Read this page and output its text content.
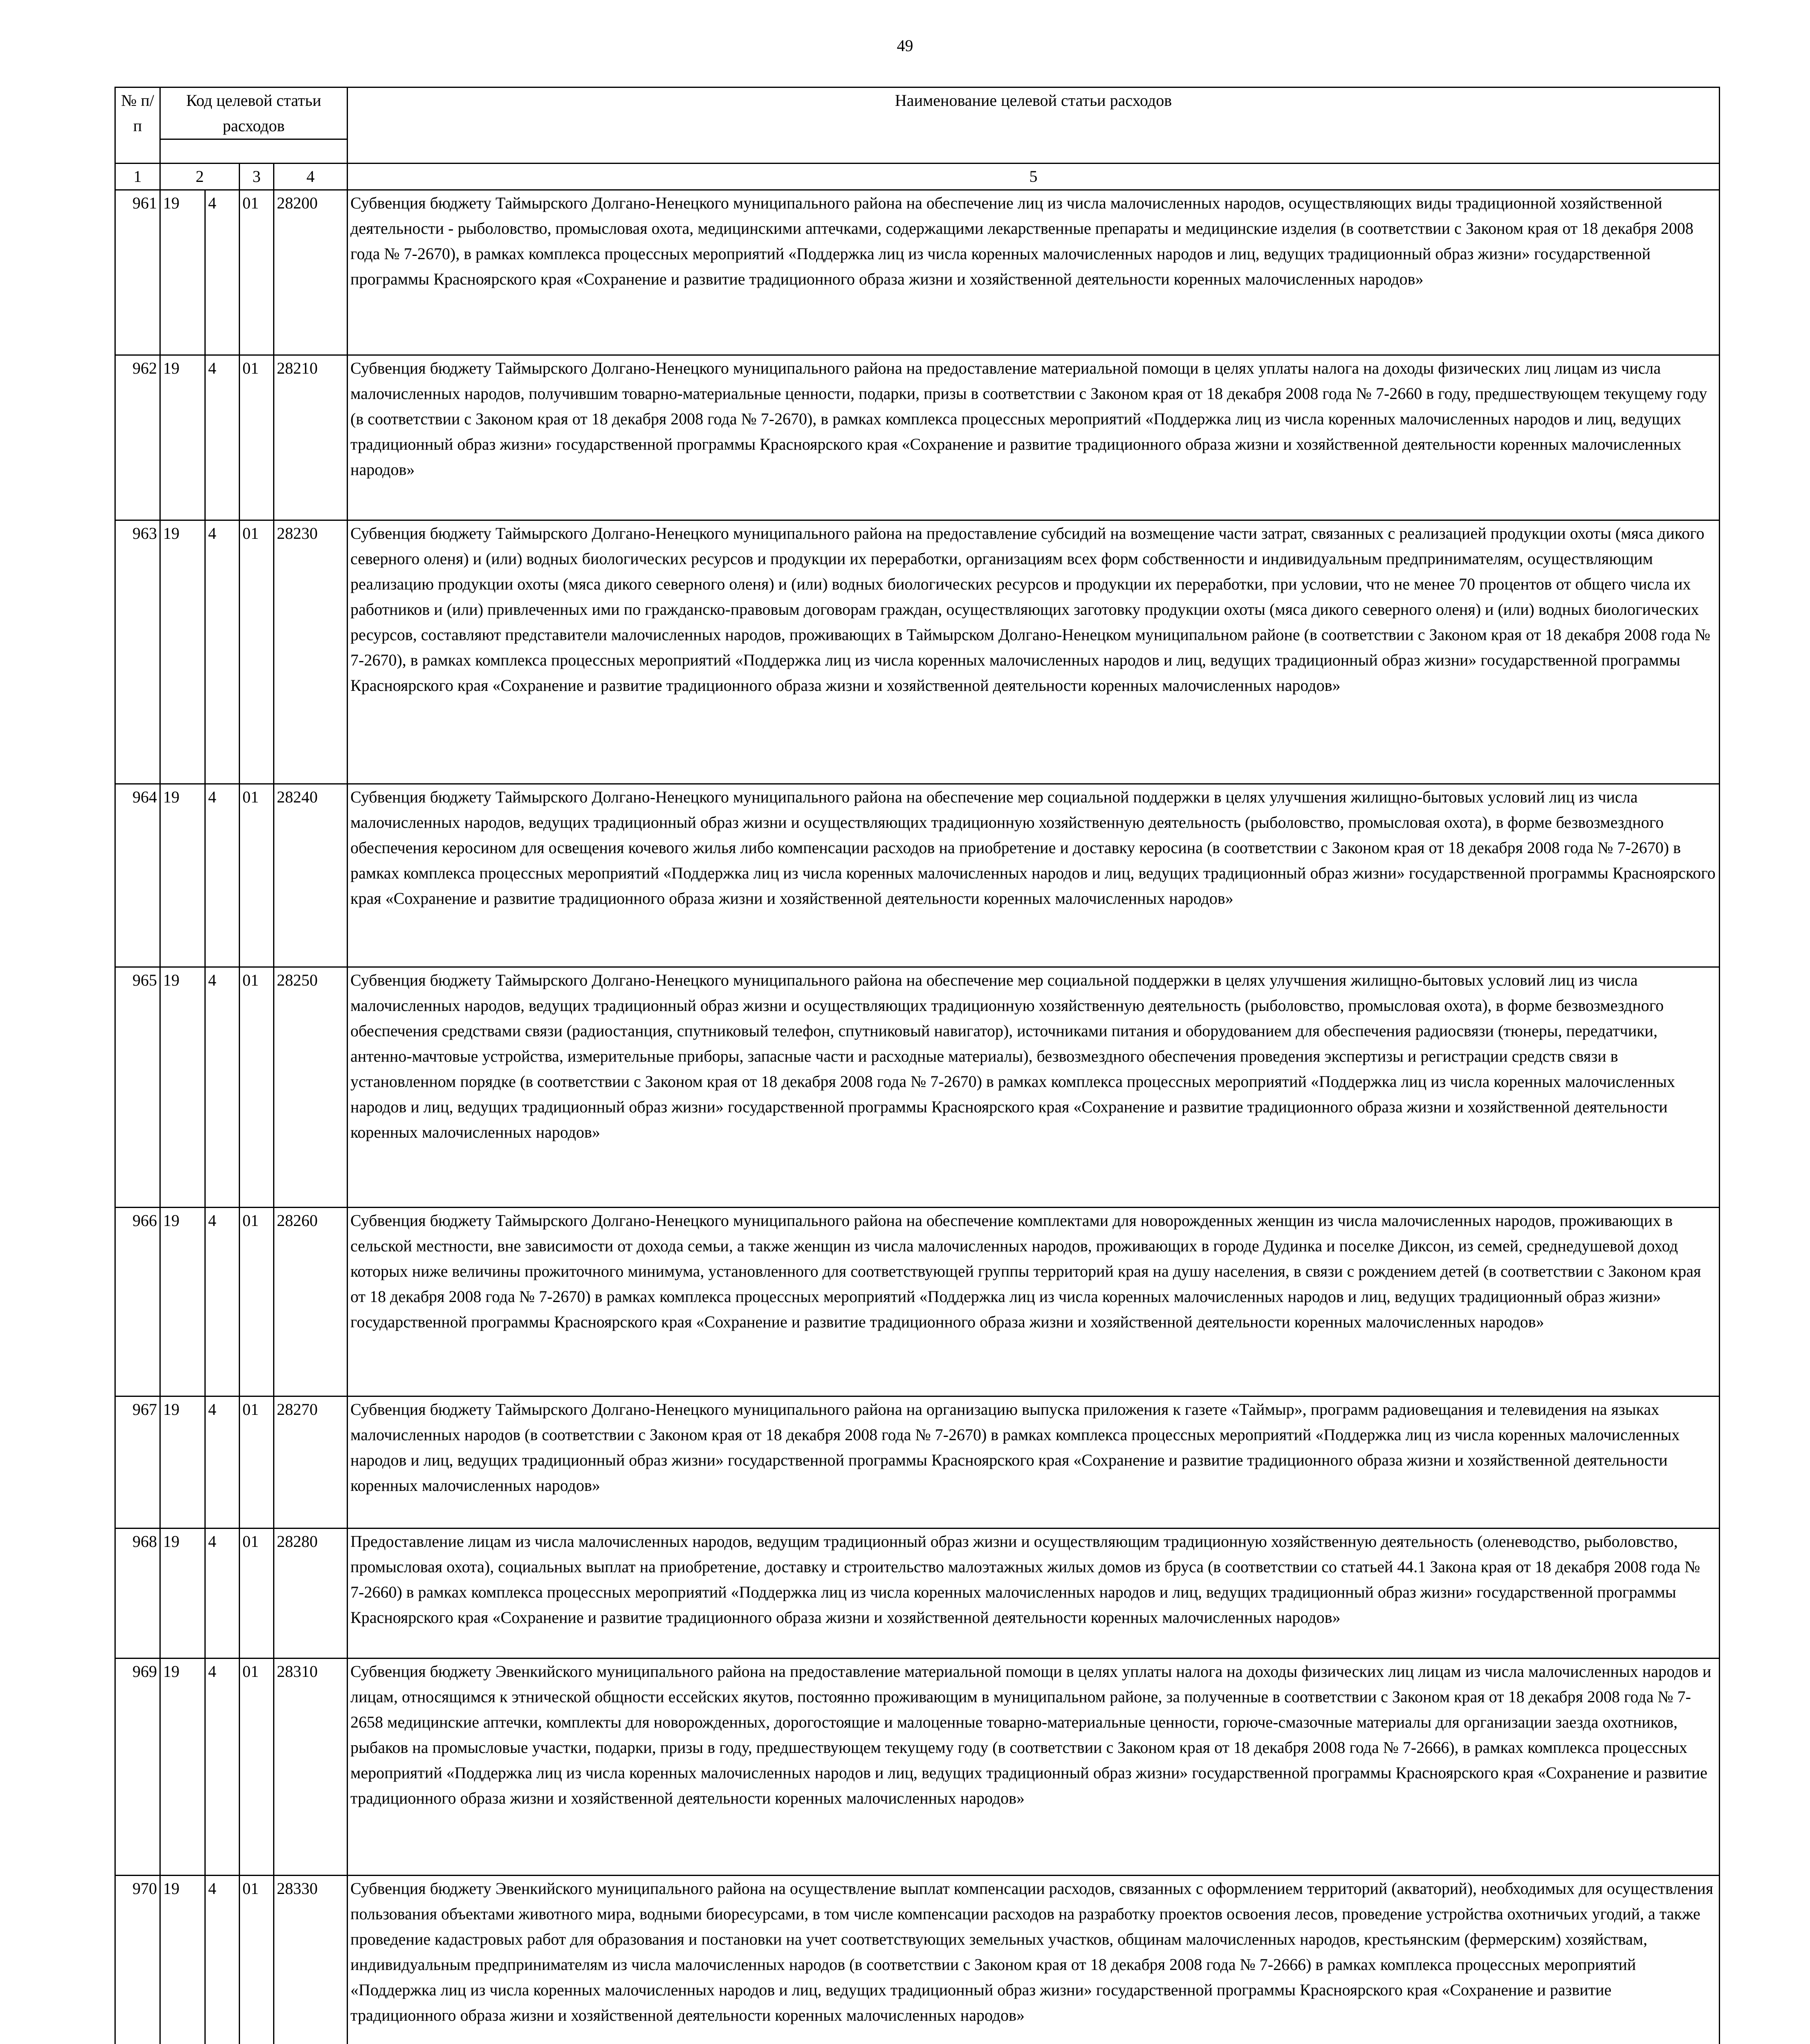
49
№ п/п	Код целевой статьи расходов				Наименование целевой статьи расходов

1	2		3	4	5
961	19	4	01	28200	Субвенция бюджету Таймырского Долгано-Ненецкого муниципального района на обеспечение лиц из числа малочисленных народов, осуществляющих виды традиционной хозяйственной деятельности - рыболовство, промысловая охота, медицинскими аптечками, содержащими лекарственные препараты и медицинские изделия (в соответствии с Законом края от 18 декабря 2008 года № 7-2670), в рамках комплекса процессных мероприятий «Поддержка лиц из числа коренных малочисленных народов и лиц, ведущих традиционный образ жизни» государственной программы Красноярского края «Сохранение и развитие традиционного образа жизни и хозяйственной деятельности коренных малочисленных народов»
962	19	4	01	28210	Субвенция бюджету Таймырского Долгано-Ненецкого муниципального района на предоставление материальной помощи в целях уплаты налога на доходы физических лиц лицам из числа малочисленных народов, получившим товарно-материальные ценности, подарки, призы в соответствии с Законом края от 18 декабря 2008 года № 7-2660 в году, предшествующем текущему году (в соответствии с Законом края от 18 декабря 2008 года № 7-2670), в рамках комплекса процессных мероприятий «Поддержка лиц из числа коренных малочисленных народов и лиц, ведущих традиционный образ жизни» государственной программы Красноярского края «Сохранение и развитие традиционного образа жизни и хозяйственной деятельности коренных малочисленных народов»
963	19	4	01	28230	Субвенция бюджету Таймырского Долгано-Ненецкого муниципального района на предоставление субсидий на возмещение части затрат, связанных с реализацией продукции охоты (мяса дикого северного оленя) и (или) водных биологических ресурсов и продукции их переработки, организациям всех форм собственности и индивидуальным предпринимателям, осуществляющим реализацию продукции охоты (мяса дикого северного оленя) и (или) водных биологических ресурсов и продукции их переработки, при условии, что не менее 70 процентов от общего числа их работников и (или) привлеченных ими по гражданско-правовым договорам граждан, осуществляющих заготовку продукции охоты (мяса дикого северного оленя) и (или) водных биологических ресурсов, составляют представители малочисленных народов, проживающих в Таймырском Долгано-Ненецком муниципальном районе (в соответствии с Законом края от 18 декабря 2008 года № 7-2670), в рамках комплекса процессных мероприятий «Поддержка лиц из числа коренных малочисленных народов и лиц, ведущих традиционный образ жизни» государственной программы Красноярского края «Сохранение и развитие традиционного образа жизни и хозяйственной деятельности коренных малочисленных народов»
964	19	4	01	28240	Субвенция бюджету Таймырского Долгано-Ненецкого муниципального района на обеспечение мер социальной поддержки в целях улучшения жилищно-бытовых условий лиц из числа малочисленных народов, ведущих традиционный образ жизни и осуществляющих традиционную хозяйственную деятельность (рыболовство, промысловая охота), в форме безвозмездного обеспечения керосином для освещения кочевого жилья либо компенсации расходов на приобретение и доставку керосина (в соответствии с Законом края от 18 декабря 2008 года № 7-2670) в рамках комплекса процессных мероприятий «Поддержка лиц из числа коренных малочисленных народов и лиц, ведущих традиционный образ жизни» государственной программы Красноярского края «Сохранение и развитие традиционного образа жизни и хозяйственной деятельности коренных малочисленных народов»
965	19	4	01	28250	Субвенция бюджету Таймырского Долгано-Ненецкого муниципального района на обеспечение мер социальной поддержки в целях улучшения жилищно-бытовых условий лиц из числа малочисленных народов, ведущих традиционный образ жизни и осуществляющих традиционную хозяйственную деятельность (рыболовство, промысловая охота), в форме безвозмездного обеспечения средствами связи (радиостанция, спутниковый телефон, спутниковый навигатор), источниками питания и оборудованием для обеспечения радиосвязи (тюнеры, передатчики, антенно-мачтовые устройства, измерительные приборы, запасные части и расходные материалы), безвозмездного обеспечения проведения экспертизы и регистрации средств связи в установленном порядке (в соответствии с Законом края от 18 декабря 2008 года № 7-2670) в рамках комплекса процессных мероприятий «Поддержка лиц из числа коренных малочисленных народов и лиц, ведущих традиционный образ жизни» государственной программы Красноярского края «Сохранение и развитие традиционного образа жизни и хозяйственной деятельности коренных малочисленных народов»
966	19	4	01	28260	Субвенция бюджету Таймырского Долгано-Ненецкого муниципального района на обеспечение комплектами для новорожденных женщин из числа малочисленных народов, проживающих в сельской местности, вне зависимости от дохода семьи, а также женщин из числа малочисленных народов, проживающих в городе Дудинка и поселке Диксон, из семей, среднедушевой доход которых ниже величины прожиточного минимума, установленного для соответствующей группы территорий края на душу населения, в связи с рождением детей (в соответствии с Законом края от 18 декабря 2008 года № 7-2670) в рамках комплекса процессных мероприятий «Поддержка лиц из числа коренных малочисленных народов и лиц, ведущих традиционный образ жизни» государственной программы Красноярского края «Сохранение и развитие традиционного образа жизни и хозяйственной деятельности коренных малочисленных народов»
967	19	4	01	28270	Субвенция бюджету Таймырского Долгано-Ненецкого муниципального района на организацию выпуска приложения к газете «Таймыр», программ радиовещания и телевидения на языках малочисленных народов (в соответствии с Законом края от 18 декабря 2008 года № 7-2670) в рамках комплекса процессных мероприятий «Поддержка лиц из числа коренных малочисленных народов и лиц, ведущих традиционный образ жизни» государственной программы Красноярского края «Сохранение и развитие традиционного образа жизни и хозяйственной деятельности коренных малочисленных народов»
968	19	4	01	28280	Предоставление лицам из числа малочисленных народов, ведущим традиционный образ жизни и осуществляющим традиционную хозяйственную деятельность (оленеводство, рыболовство, промысловая охота), социальных выплат на приобретение, доставку и строительство малоэтажных жилых домов из бруса (в соответствии со статьей 44.1 Закона края от 18 декабря 2008 года № 7-2660) в рамках комплекса процессных мероприятий «Поддержка лиц из числа коренных малочисленных народов и лиц, ведущих традиционный образ жизни» государственной программы Красноярского края «Сохранение и развитие традиционного образа жизни и хозяйственной деятельности коренных малочисленных народов»
969	19	4	01	28310	Субвенция бюджету Эвенкийского муниципального района на предоставление материальной помощи в целях уплаты налога на доходы физических лиц лицам из числа малочисленных народов и лицам, относящимся к этнической общности ессейских якутов, постоянно проживающим в муниципальном районе, за полученные в соответствии с Законом края от 18 декабря 2008 года № 7-2658 медицинские аптечки, комплекты для новорожденных, дорогостоящие и малоценные товарно-материальные ценности, горюче-смазочные материалы для организации заезда охотников, рыбаков на промысловые участки, подарки, призы в году, предшествующем текущему году (в соответствии с Законом края от 18 декабря 2008 года № 7-2666), в рамках комплекса процессных мероприятий «Поддержка лиц из числа коренных малочисленных народов и лиц, ведущих традиционный образ жизни» государственной программы Красноярского края «Сохранение и развитие традиционного образа жизни и хозяйственной деятельности коренных малочисленных народов»
970	19	4	01	28330	Субвенция бюджету Эвенкийского муниципального района на осуществление выплат компенсации расходов, связанных с оформлением территорий (акваторий), необходимых для осуществления пользования объектами животного мира, водными биоресурсами, в том числе компенсации расходов на разработку проектов освоения лесов, проведение устройства охотничьих угодий, а также проведение кадастровых работ для образования и постановки на учет соответствующих земельных участков, общинам малочисленных народов, крестьянским (фермерским) хозяйствам, индивидуальным предпринимателям из числа малочисленных народов (в соответствии с Законом края от 18 декабря 2008 года № 7-2666) в рамках комплекса процессных мероприятий «Поддержка лиц из числа коренных малочисленных народов и лиц, ведущих традиционный образ жизни» государственной программы Красноярского края «Сохранение и развитие традиционного образа жизни и хозяйственной деятельности коренных малочисленных народов»
